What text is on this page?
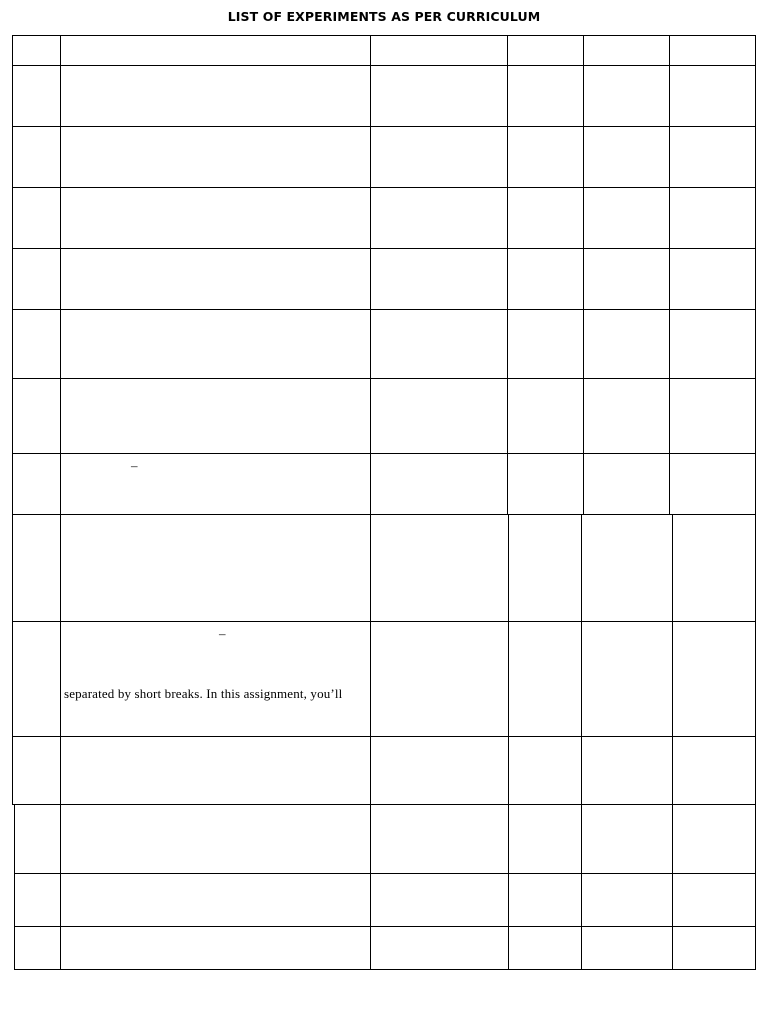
LIST OF EXPERIMENTS AS PER CURRICULUM
–
–
separated by short breaks. In this assignment, you’ll
